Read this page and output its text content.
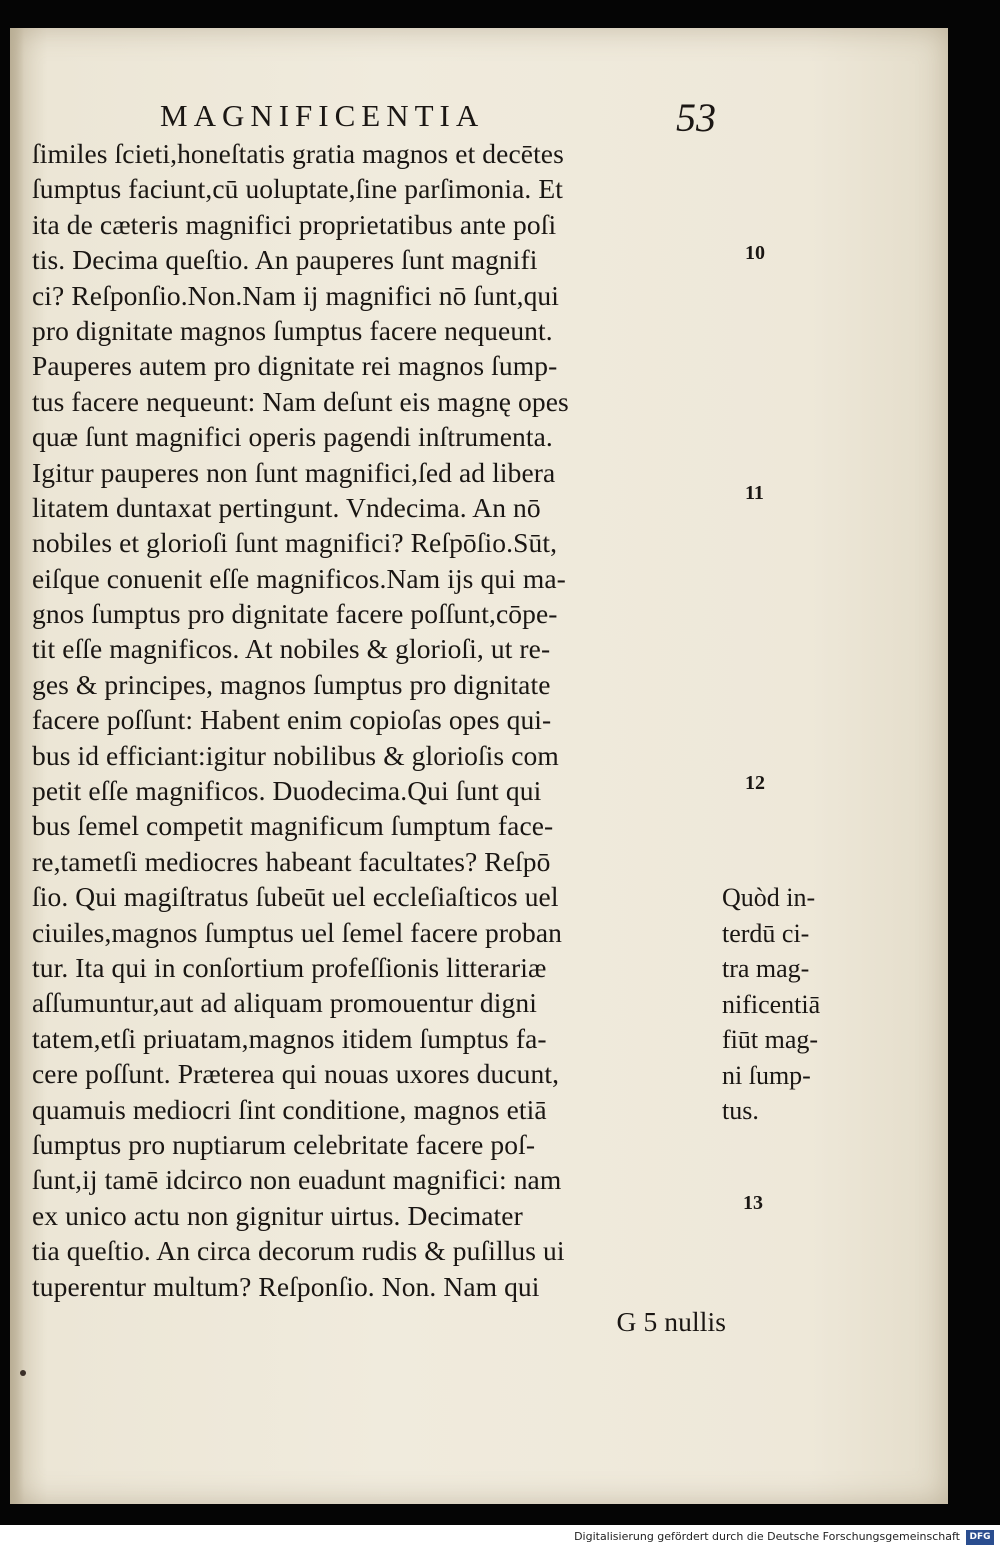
MAGNIFICENTIA	53
ſimiles ſcieti,honeſtatis gratia magnos et decētes
ſumptus faciunt,cū uoluptate,ſine parſimonia. Et
ita de cæteris magnifici proprietatibus ante poſi
tis. Decima queſtio. An pauperes ſunt magnifi
ci? Reſponſio.Non.Nam ij magnifici nō ſunt,qui
pro dignitate magnos ſumptus facere nequeunt.
Pauperes autem pro dignitate rei magnos ſump-
tus facere nequeunt: Nam deſunt eis magnę opes
quæ ſunt magnifici operis pagendi inſtrumenta.
Igitur pauperes non ſunt magnifici,ſed ad libera
litatem duntaxat pertingunt. Vndecima. An nō
nobiles et glorioſi ſunt magnifici? Reſpōſio.Sūt,
eiſque conuenit eſſe magnificos.Nam ijs qui ma-
gnos ſumptus pro dignitate facere poſſunt,cōpe-
tit eſſe magnificos. At nobiles & glorioſi, ut re-
ges & principes, magnos ſumptus pro dignitate
facere poſſunt: Habent enim copioſas opes qui-
bus id efficiant:igitur nobilibus & glorioſis com
petit eſſe magnificos. Duodecima.Qui ſunt qui
bus ſemel competit magnificum ſumptum face-
re,tametſi mediocres habeant facultates? Reſpō
ſio. Qui magiſtratus ſubeūt uel eccleſiaſticos uel
ciuiles,magnos ſumptus uel ſemel facere proban
tur. Ita qui in conſortium profeſſionis litterariæ
aſſumuntur,aut ad aliquam promouentur digni
tatem,etſi priuatam,magnos itidem ſumptus fa-
cere poſſunt. Præterea qui nouas uxores ducunt,
quamuis mediocri ſint conditione, magnos etiā
ſumptus pro nuptiarum celebritate facere poſ-
ſunt,ij tamē idcirco non euadunt magnifici: nam
ex unico actu non gignitur uirtus. Decimater
tia queſtio. An circa decorum rudis & puſillus ui
tuperentur multum? Reſponſio. Non. Nam qui
G 5 nullis
10
11
12
13
Quòd in-
terdū ci-
tra mag-
nificentiā
fiūt mag-
ni ſump-
tus.
Digitalisierung gefördert durch die Deutsche Forschungsgemeinschaft	DFG
